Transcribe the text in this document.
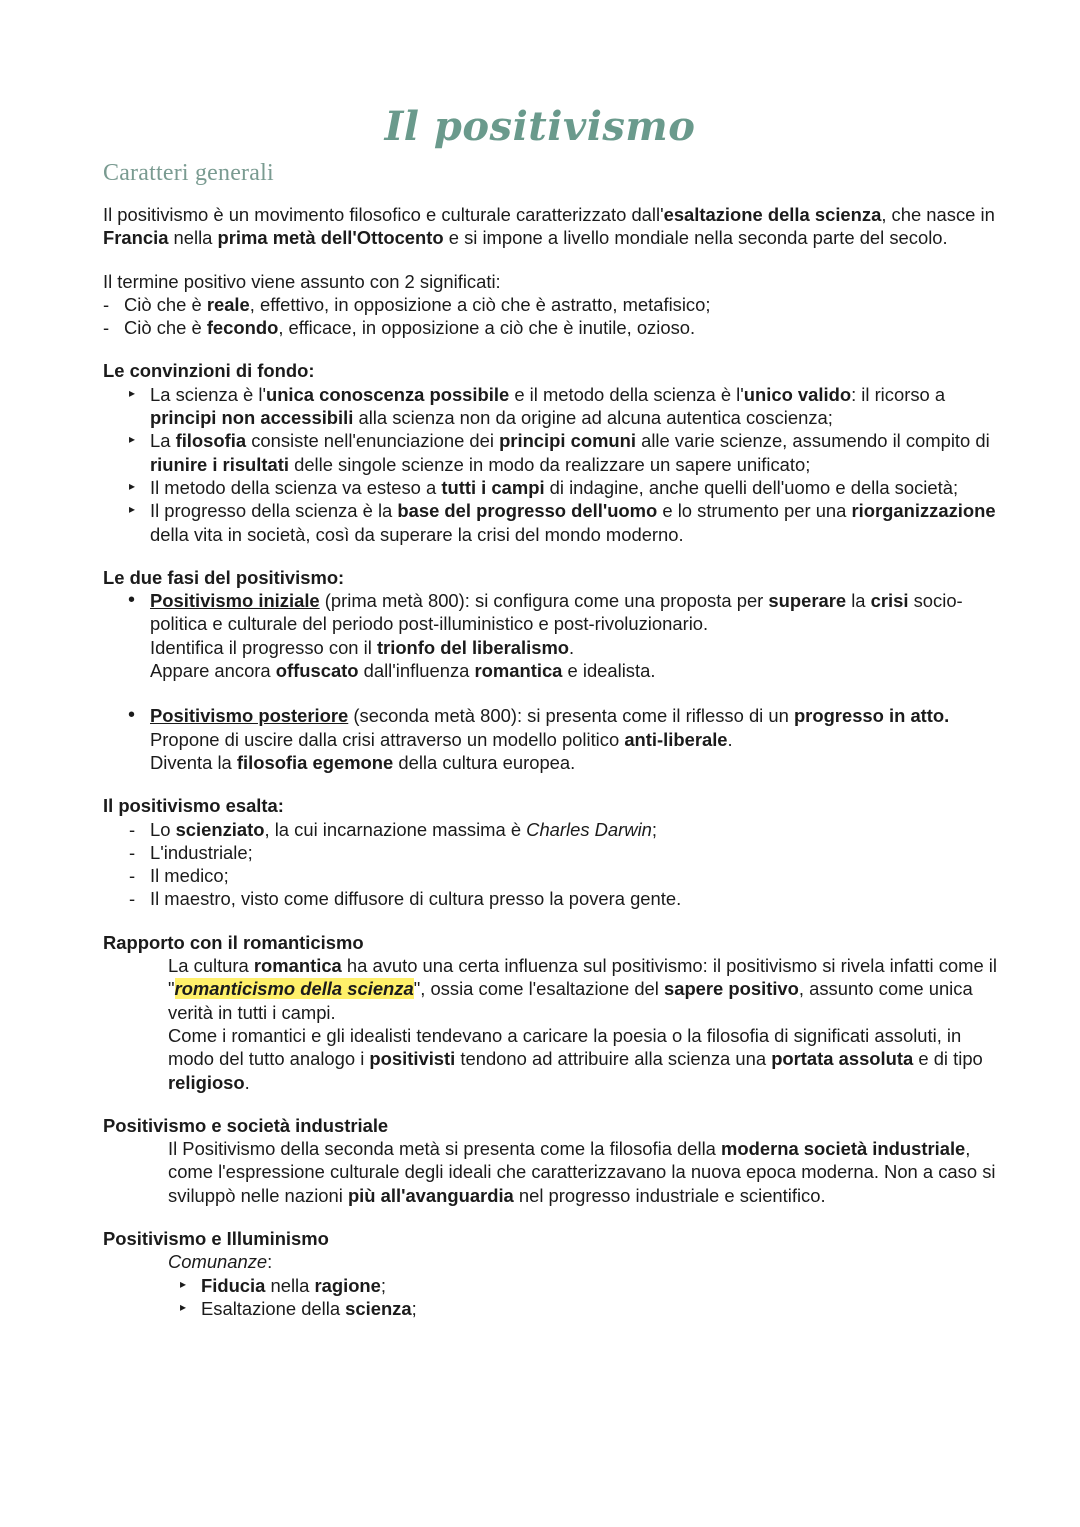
Il positivismo
Caratteri generali

Il positivismo è un movimento filosofico e culturale caratterizzato dall'esaltazione della scienza, che nasce in Francia nella prima metà dell'Ottocento e si impone a livello mondiale nella seconda parte del secolo.

Il termine positivo viene assunto con 2 significati:

- Ciò che è reale, effettivo, in opposizione a ciò che è astratto, metafisico;
- Ciò che è fecondo, efficace, in opposizione a ciò che è inutile, ozioso.

Le convinzioni di fondo:

▸ La scienza è l'unica conoscenza possibile e il metodo della scienza è l'unico valido: il ricorso a principi non accessibili alla scienza non da origine ad alcuna autentica coscienza;
▸ La filosofia consiste nell'enunciazione dei principi comuni alle varie scienze, assumendo il compito di riunire i risultati delle singole scienze in modo da realizzare un sapere unificato;
▸ Il metodo della scienza va esteso a tutti i campi di indagine, anche quelli dell'uomo e della società;
▸ Il progresso della scienza è la base del progresso dell'uomo e lo strumento per una riorganizzazione della vita in società, così da superare la crisi del mondo moderno.

Le due fasi del positivismo:

• Positivismo iniziale (prima metà 800): si configura come una proposta per superare la crisi socio-politica e culturale del periodo post-illuministico e post-rivoluzionario.
Identifica il progresso con il trionfo del liberalismo.
Appare ancora offuscato dall'influenza romantica e idealista.
• Positivismo posteriore (seconda metà 800): si presenta come il riflesso di un progresso in atto.
Propone di uscire dalla crisi attraverso un modello politico anti-liberale.
Diventa la filosofia egemone della cultura europea.

Il positivismo esalta:

- Lo scienziato, la cui incarnazione massima è Charles Darwin;
- L'industriale;
- Il medico;
- Il maestro, visto come diffusore di cultura presso la povera gente.

Rapporto con il romanticismo

La cultura romantica ha avuto una certa influenza sul positivismo: il positivismo si rivela infatti come il "romanticismo della scienza", ossia come l'esaltazione del sapere positivo, assunto come unica verità in tutti i campi.

Come i romantici e gli idealisti tendevano a caricare la poesia o la filosofia di significati assoluti, in modo del tutto analogo i positivisti tendono ad attribuire alla scienza una portata assoluta e di tipo religioso.

Positivismo e società industriale

Il Positivismo della seconda metà si presenta come la filosofia della moderna società industriale, come l'espressione culturale degli ideali che caratterizzavano la nuova epoca moderna. Non a caso si sviluppò nelle nazioni più all'avanguardia nel progresso industriale e scientifico.

Positivismo e Illuminismo

Comunanze:
▸ Fiducia nella ragione;
▸ Esaltazione della scienza;
